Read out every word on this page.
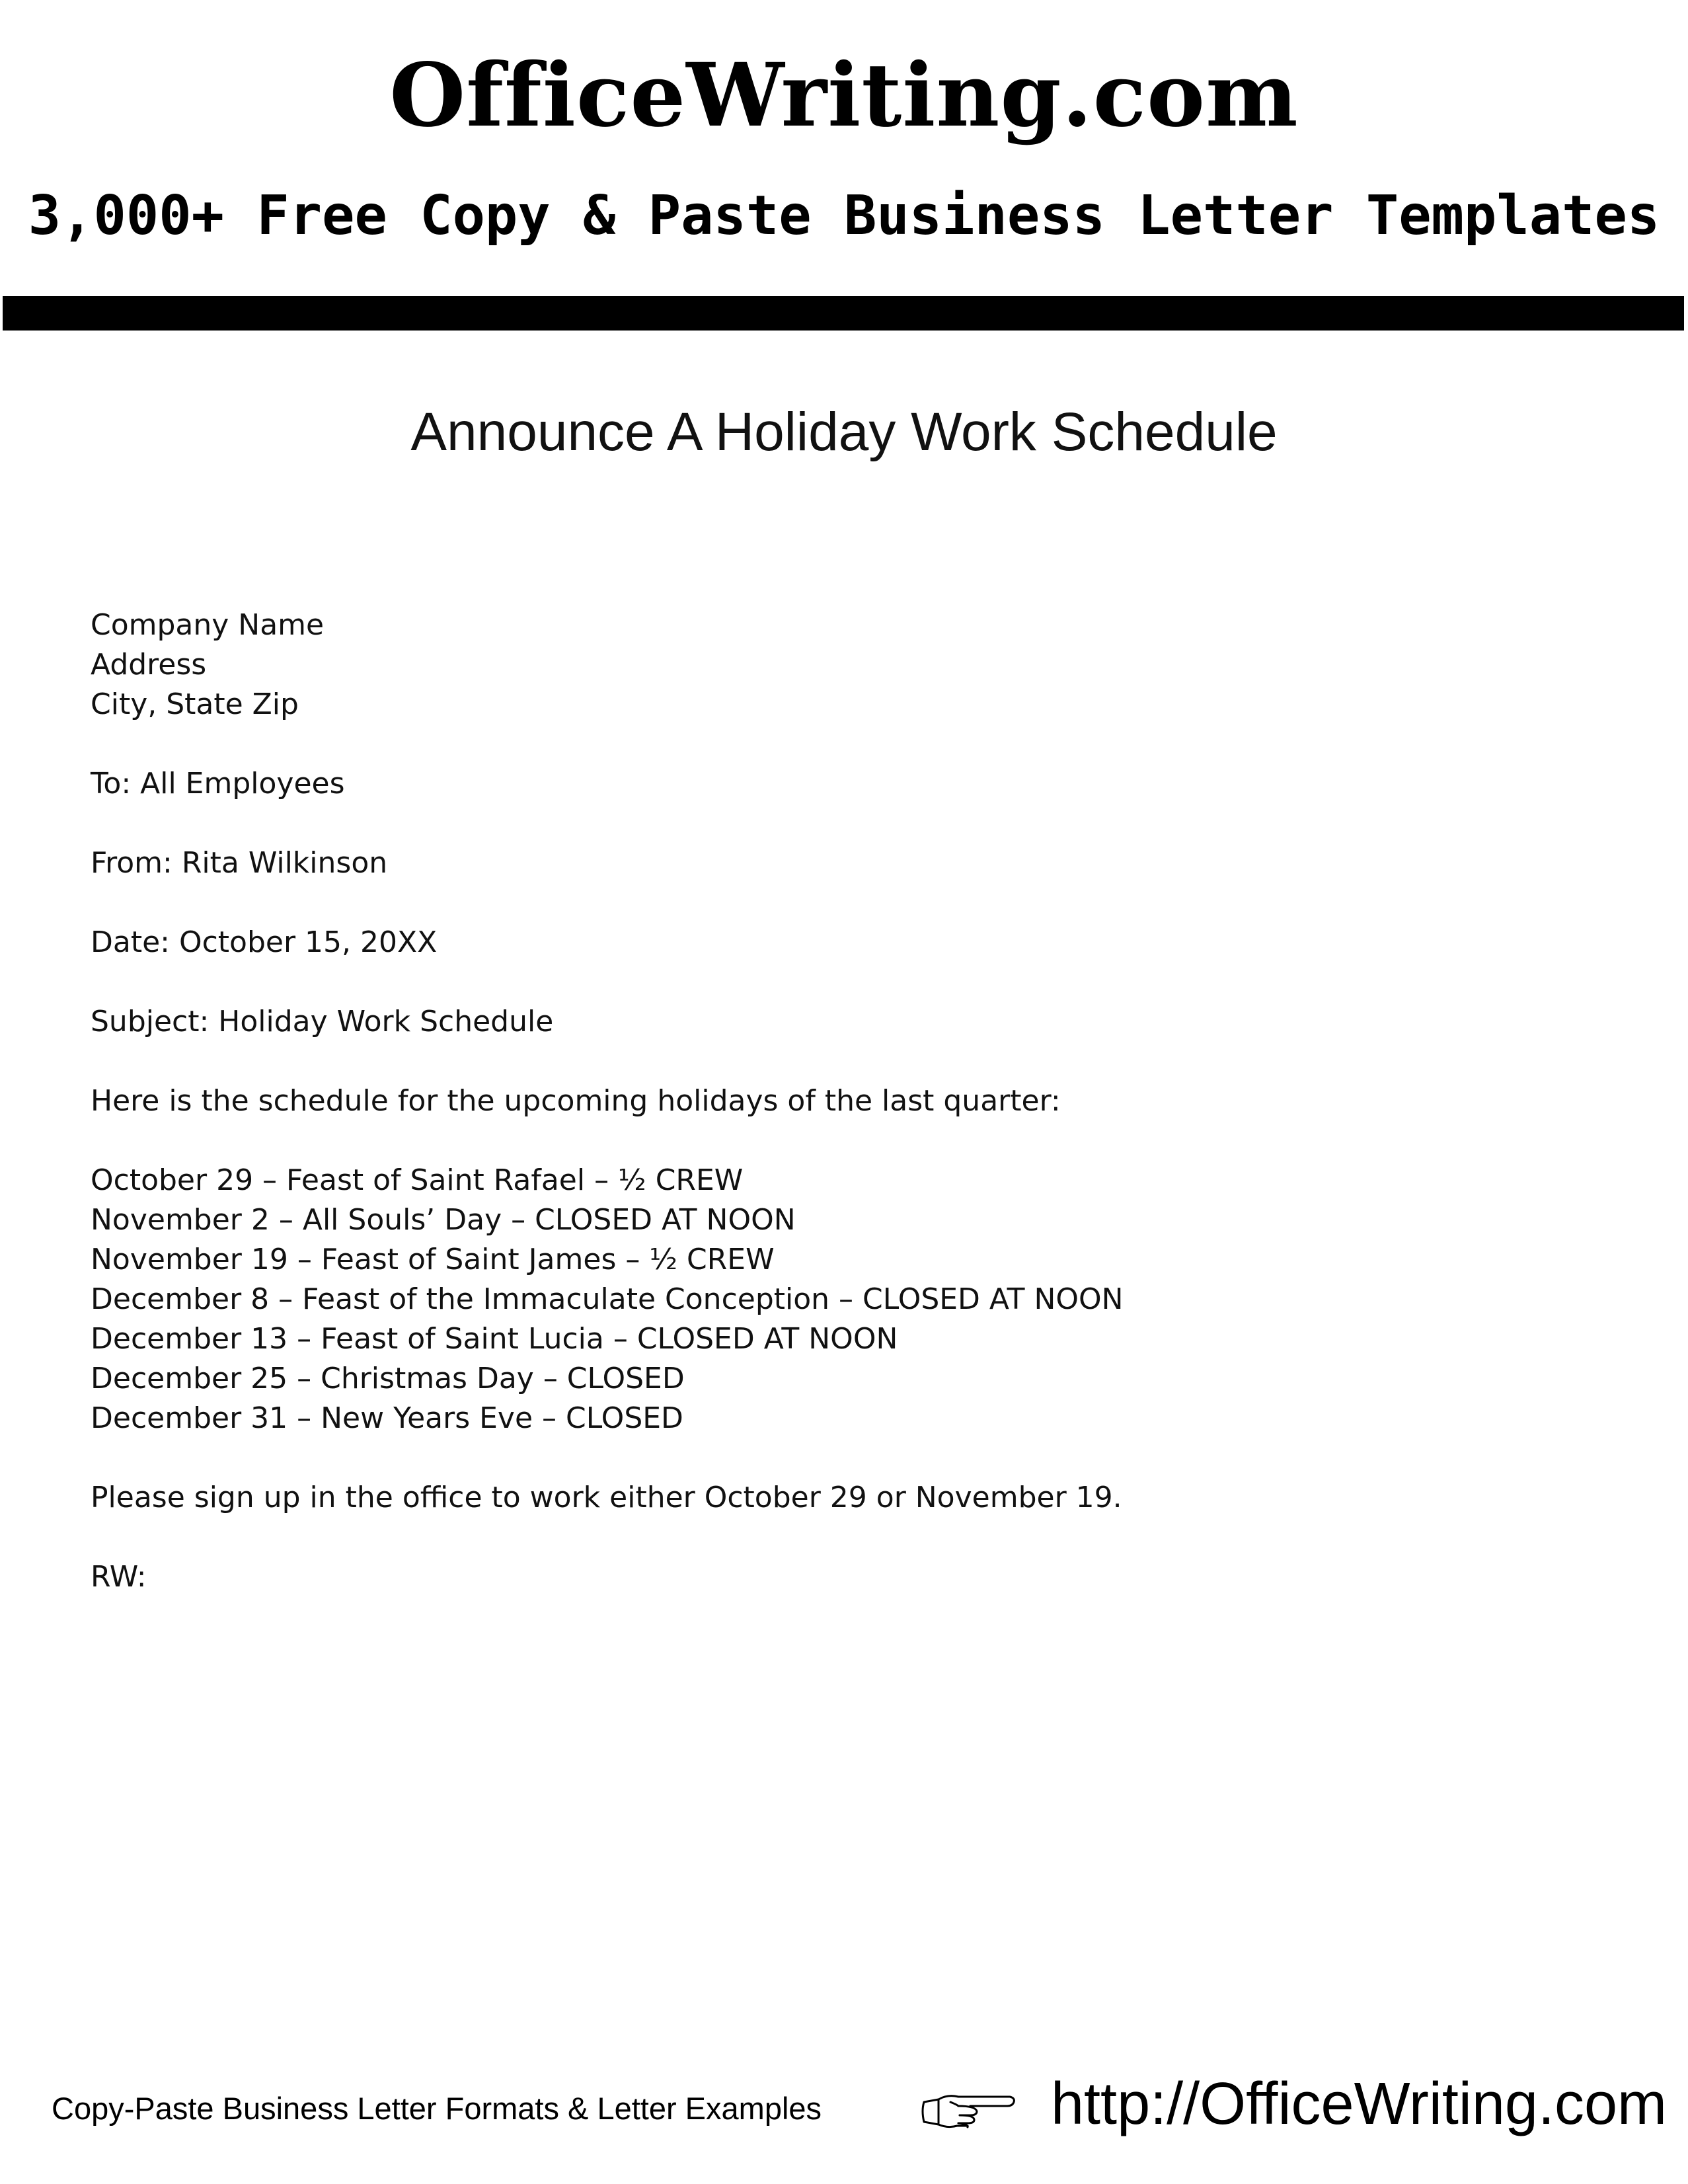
OfficeWriting.com
3,000+ Free Copy & Paste Business Letter Templates
Announce A Holiday Work Schedule
Company Name
Address
City, State Zip
To: All Employees
From: Rita Wilkinson
Date: October 15, 20XX
Subject: Holiday Work Schedule
Here is the schedule for the upcoming holidays of the last quarter:
October 29 – Feast of Saint Rafael – ½ CREW
November 2 – All Souls’ Day – CLOSED AT NOON
November 19 – Feast of Saint James – ½ CREW
December 8 – Feast of the Immaculate Conception – CLOSED AT NOON
December 13 – Feast of Saint Lucia – CLOSED AT NOON
December 25 – Christmas Day – CLOSED
December 31 – New Years Eve – CLOSED
Please sign up in the office to work either October 29 or November 19.
RW:
Copy-Paste Business Letter Formats & Letter Examples	http://OfficeWriting.com
